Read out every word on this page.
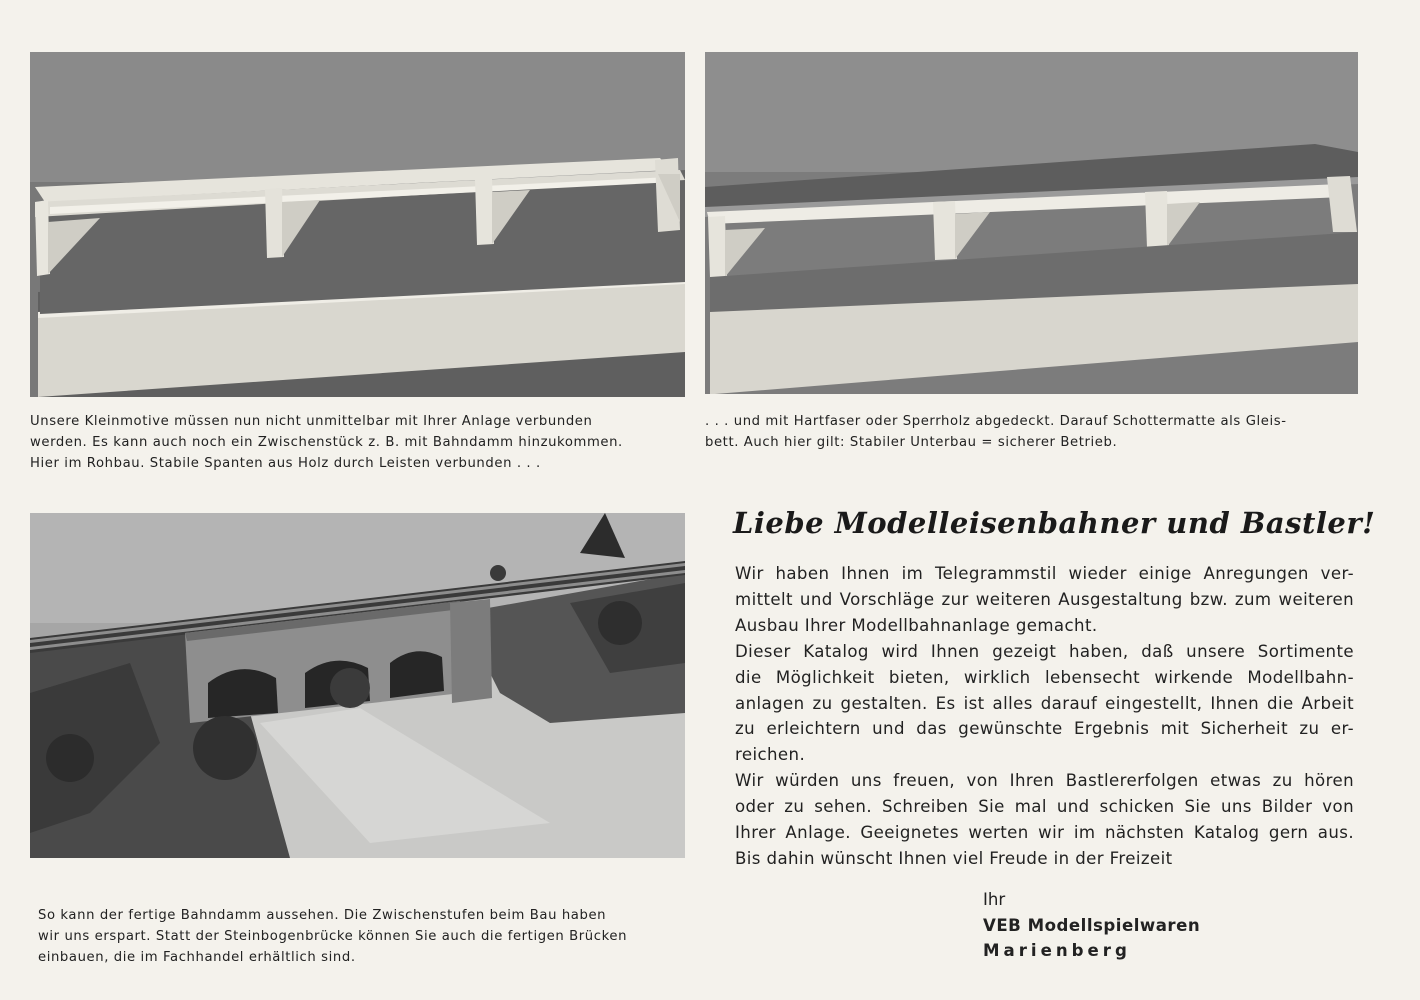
Unsere Kleinmotive müssen nun nicht unmittelbar mit Ihrer Anlage verbunden
werden. Es kann auch noch ein Zwischenstück z. B. mit Bahndamm hinzukommen.
Hier im Rohbau. Stabile Spanten aus Holz durch Leisten verbunden . . .
. . . und mit Hartfaser oder Sperrholz abgedeckt. Darauf Schottermatte als Gleis-
bett. Auch hier gilt: Stabiler Unterbau = sicherer Betrieb.
So kann der fertige Bahndamm aussehen. Die Zwischenstufen beim Bau haben
wir uns erspart. Statt der Steinbogenbrücke können Sie auch die fertigen Brücken
einbauen, die im Fachhandel erhältlich sind.
Liebe Modelleisenbahner und Bastler!
Wir haben Ihnen im Telegrammstil wieder einige Anregungen ver-
mittelt und Vorschläge zur weiteren Ausgestaltung bzw. zum weiteren
Ausbau Ihrer Modellbahnanlage gemacht.
Dieser Katalog wird Ihnen gezeigt haben, daß unsere Sortimente
die Möglichkeit bieten, wirklich lebensecht wirkende Modellbahn-
anlagen zu gestalten. Es ist alles darauf eingestellt, Ihnen die Arbeit
zu erleichtern und das gewünschte Ergebnis mit Sicherheit zu er-
reichen.
Wir würden uns freuen, von Ihren Bastlererfolgen etwas zu hören
oder zu sehen. Schreiben Sie mal und schicken Sie uns Bilder von
Ihrer Anlage. Geeignetes werten wir im nächsten Katalog gern aus.
Bis dahin wünscht Ihnen viel Freude in der Freizeit
Ihr
VEB Modellspielwaren
Marienberg
